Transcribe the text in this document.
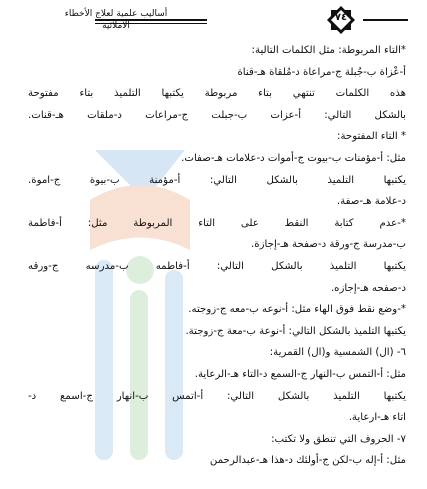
٧٤
أساليب علمية لعلاج الأخطاء
الاملائية

*التاء المربوطة: مثل الكلمات التالية:

أ-عْزاة ب-جُبلة ج-مراعاة د-مُلقاة هـ-قناة

هذه الكلمات تنتهي بتاء مربوطة يكتبها التلميذ بتاء مفتوحة

بالشكل التالي: أ-عزات ب-جبلت ج-مراعات د-ملقات هـ-قنات.

* التاء المفتوحة:

مثل: أ-مؤمنات ب-بيوت ج-أموات د-علامات هـ-صفات.

يكتبها التلميذ بالشكل التالي: أ-مؤمنة ب-بيوة ج-اموة.

د-علامة هـ-صفة.

*-عدم كتابة النقط على التاء المربوطة مثل: أ-فاطمة

ب-مدرسة ج-ورقة د-صفحة هـ-إجازة.

يكتبها التلميذ بالشكل التالي: أ-فاطمه ب-مدرسه ج-ورقه

د-صفحه هـ-إجازه.

*-وضع نقط فوق الهاء مثل: أ-نوعه ب-معه ج-زوجته.

يكتبها التلميذ بالشكل التالي: أ-نوعة ب-معة ج-زوجتة.

٦- (ال) الشمسية و(ال) القمرية:

مثل: أ-التمس ب-النهار ج-السمع د-التاء هـ-الرعاية.

يكتبها التلميذ بالشكل التالي: أ-اتمس ب-انهار ج-اسمع د-

اتاء هـ-ارعاية.

٧- الحروف التي تنطق ولا تكتب:

مثل: أ-إله ب-لكن ج-أولئك د-هذا هـ-عبدالرحمن
